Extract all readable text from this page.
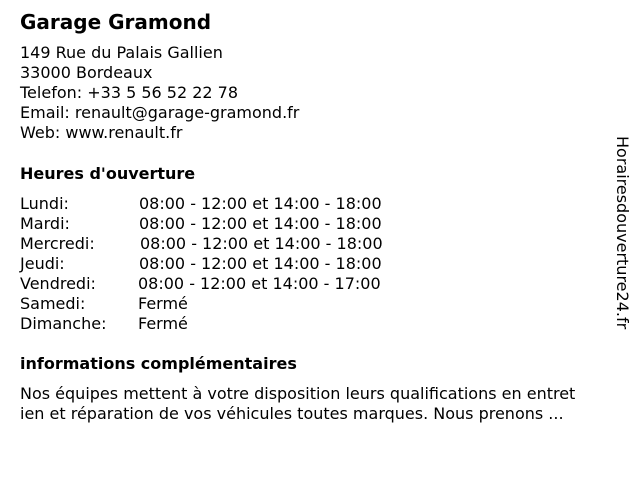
Garage Gramond
149 Rue du Palais Gallien
33000 Bordeaux
Telefon: +33 5 56 52 22 78
Email: renault@garage-gramond.fr
Web: www.renault.fr
Heures d'ouverture
Lundi:	08:00 - 12:00 et 14:00 - 18:00
Mardi:	08:00 - 12:00 et 14:00 - 18:00
Mercredi:	08:00 - 12:00 et 14:00 - 18:00
Jeudi:	08:00 - 12:00 et 14:00 - 18:00
Vendredi:	08:00 - 12:00 et 14:00 - 17:00
Samedi:	Fermé
Dimanche: Fermé
informations complémentaires
Nos équipes mettent à votre disposition leurs qualifications en entret
ien et réparation de vos véhicules toutes marques. Nous prenons ...
Horairesdouverture24.fr
